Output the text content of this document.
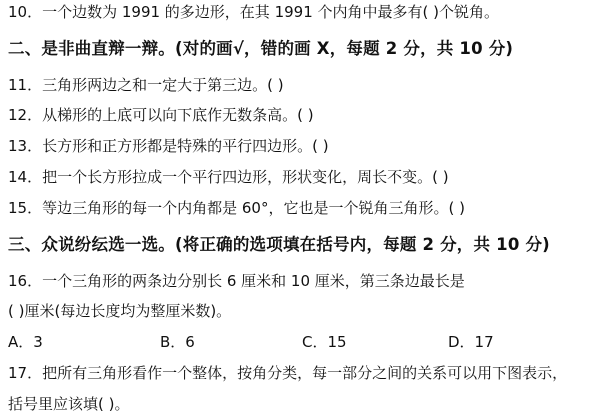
10．一个边数为 1991 的多边形，在其 1991 个内角中最多有( )个锐角。
二、是非曲直辩一辩。(对的画√，错的画 X，每题 2 分，共 10 分)
11．三角形两边之和一定大于第三边。( )
12．从梯形的上底可以向下底作无数条高。( )
13．长方形和正方形都是特殊的平行四边形。( )
14．把一个长方形拉成一个平行四边形，形状变化，周长不变。( )
15．等边三角形的每一个内角都是 60°，它也是一个锐角三角形。( )
三、众说纷纭选一选。(将正确的选项填在括号内，每题 2 分，共 10 分)
16．一个三角形的两条边分别长 6 厘米和 10 厘米，第三条边最长是
( )厘米(每边长度均为整厘米数)。
A．3	B．6	C．15	D．17
17．把所有三角形看作一个整体，按角分类，每一部分之间的关系可以用下图表示，
括号里应该填( )。
